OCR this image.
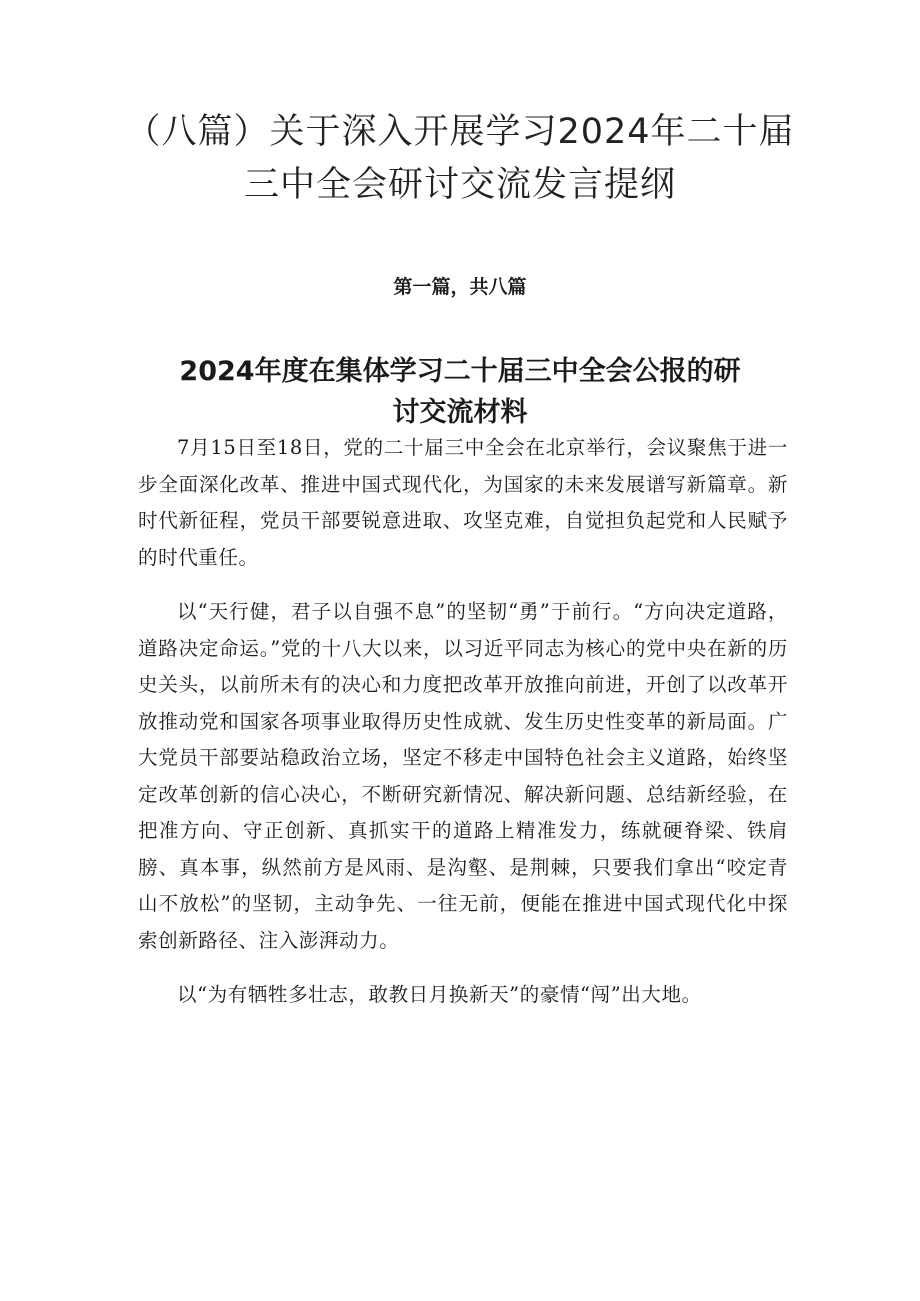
（八篇）关于深入开展学习2024年二十届
三中全会研讨交流发言提纲
第一篇，共八篇
2024年度在集体学习二十届三中全会公报的研
讨交流材料

7月15日至18日，党的二十届三中全会在北京举行，会议聚焦于进一步全面深化改革、推进中国式现代化，为国家的未来发展谱写新篇章。新时代新征程，党员干部要锐意进取、攻坚克难，自觉担负起党和人民赋予的时代重任。

以“天行健，君子以自强不息”的坚韧“勇”于前行。“方向决定道路，道路决定命运。”党的十八大以来，以习近平同志为核心的党中央在新的历史关头，以前所未有的决心和力度把改革开放推向前进，开创了以改革开放推动党和国家各项事业取得历史性成就、发生历史性变革的新局面。广大党员干部要站稳政治立场，坚定不移走中国特色社会主义道路，始终坚定改革创新的信心决心，不断研究新情况、解决新问题、总结新经验，在把准方向、守正创新、真抓实干的道路上精准发力，练就硬脊梁、铁肩膀、真本事，纵然前方是风雨、是沟壑、是荆棘，只要我们拿出“咬定青山不放松”的坚韧，主动争先、一往无前，便能在推进中国式现代化中探索创新路径、注入澎湃动力。

以“为有牺牲多壮志，敢教日月换新天”的豪情“闯”出大地。
